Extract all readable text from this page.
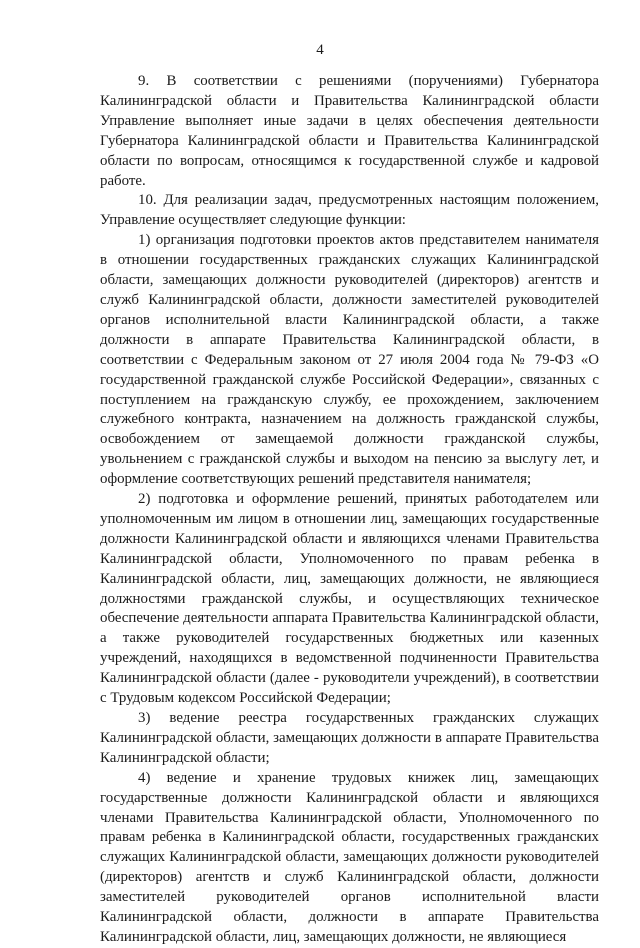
4

9. В соответствии с решениями (поручениями) Губернатора Калининградской области и Правительства Калининградской области Управление выполняет иные задачи в целях обеспечения деятельности Губернатора Калининградской области и Правительства Калининградской области по вопросам, относящимся к государственной службе и кадровой работе.

10. Для реализации задач, предусмотренных настоящим положением, Управление осуществляет следующие функции:

1) организация подготовки проектов актов представителем нанимателя в отношении государственных гражданских служащих Калининградской области, замещающих должности руководителей (директоров) агентств и служб Калининградской области, должности заместителей руководителей органов исполнительной власти Калининградской области, а также должности в аппарате Правительства Калининградской области, в соответствии с Федеральным законом от 27 июля 2004 года № 79-ФЗ «О государственной гражданской службе Российской Федерации», связанных с поступлением на гражданскую службу, ее прохождением, заключением служебного контракта, назначением на должность гражданской службы, освобождением от замещаемой должности гражданской службы, увольнением с гражданской службы и выходом на пенсию за выслугу лет, и оформление соответствующих решений представителя нанимателя;

2) подготовка и оформление решений, принятых работодателем или уполномоченным им лицом в отношении лиц, замещающих государственные должности Калининградской области и являющихся членами Правительства Калининградской области, Уполномоченного по правам ребенка в Калининградской области, лиц, замещающих должности, не являющиеся должностями гражданской службы, и осуществляющих техническое обеспечение деятельности аппарата Правительства Калининградской области, а также руководителей государственных бюджетных или казенных учреждений, находящихся в ведомственной подчиненности Правительства Калининградской области (далее - руководители учреждений), в соответствии с Трудовым кодексом Российской Федерации;

3) ведение реестра государственных гражданских служащих Калининградской области, замещающих должности в аппарате Правительства Калининградской области;

4) ведение и хранение трудовых книжек лиц, замещающих государственные должности Калининградской области и являющихся членами Правительства Калининградской области, Уполномоченного по правам ребенка в Калининградской области, государственных гражданских служащих Калининградской области, замещающих должности руководителей (директоров) агентств и служб Калининградской области, должности заместителей руководителей органов исполнительной власти Калининградской области, должности в аппарате Правительства Калининградской области, лиц, замещающих должности, не являющиеся
